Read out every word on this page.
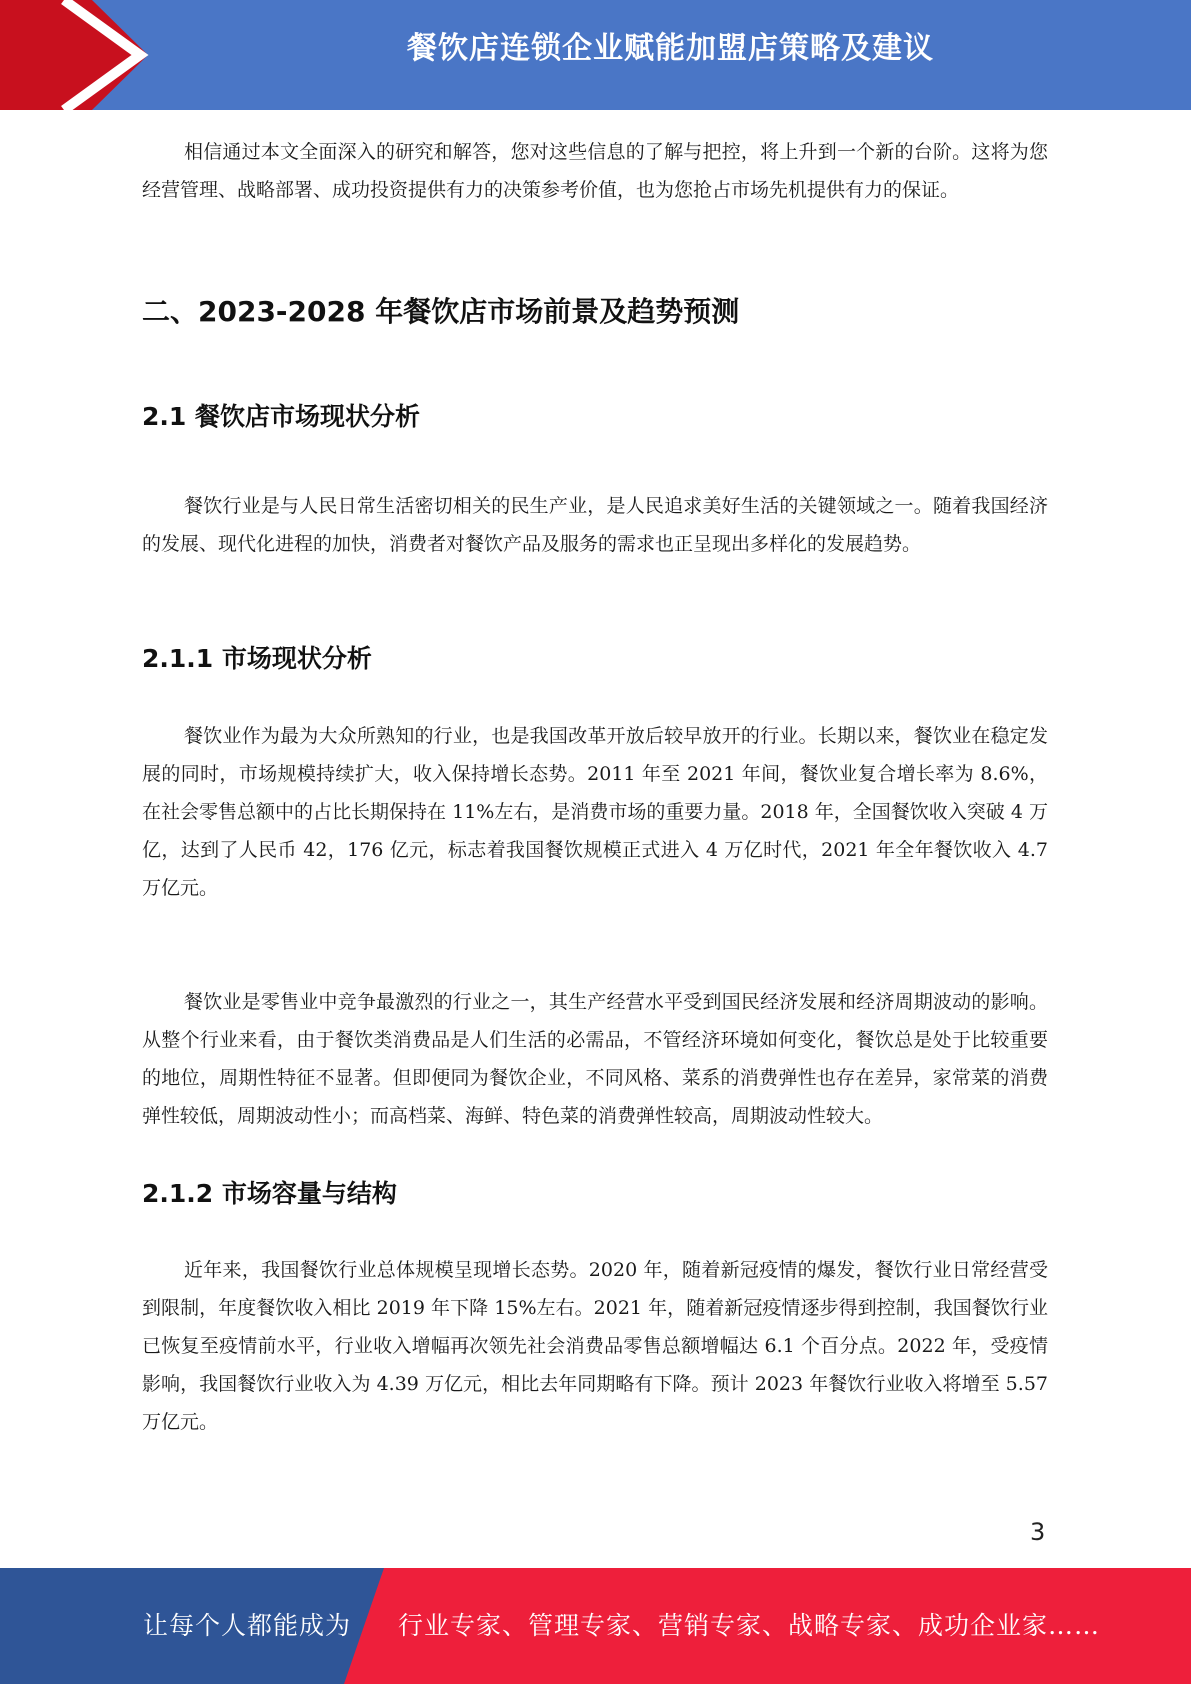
餐饮店连锁企业赋能加盟店策略及建议

相信通过本文全面深入的研究和解答，您对这些信息的了解与把控，将上升到一个新的台阶。这将为您经营管理、战略部署、成功投资提供有力的决策参考价值，也为您抢占市场先机提供有力的保证。

二、2023-2028 年餐饮店市场前景及趋势预测
2.1 餐饮店市场现状分析

餐饮行业是与人民日常生活密切相关的民生产业，是人民追求美好生活的关键领域之一。随着我国经济的发展、现代化进程的加快，消费者对餐饮产品及服务的需求也正呈现出多样化的发展趋势。

2.1.1 市场现状分析

餐饮业作为最为大众所熟知的行业，也是我国改革开放后较早放开的行业。长期以来，餐饮业在稳定发展的同时，市场规模持续扩大，收入保持增长态势。2011 年至 2021 年间，餐饮业复合增长率为 8.6%，在社会零售总额中的占比长期保持在 11%左右，是消费市场的重要力量。2018 年，全国餐饮收入突破 4 万亿，达到了人民币 42，176 亿元，标志着我国餐饮规模正式进入 4 万亿时代，2021 年全年餐饮收入 4.7 万亿元。

餐饮业是零售业中竞争最激烈的行业之一，其生产经营水平受到国民经济发展和经济周期波动的影响。从整个行业来看，由于餐饮类消费品是人们生活的必需品，不管经济环境如何变化，餐饮总是处于比较重要的地位，周期性特征不显著。但即便同为餐饮企业，不同风格、菜系的消费弹性也存在差异，家常菜的消费弹性较低，周期波动性小；而高档菜、海鲜、特色菜的消费弹性较高，周期波动性较大。

2.1.2 市场容量与结构

近年来，我国餐饮行业总体规模呈现增长态势。2020 年，随着新冠疫情的爆发，餐饮行业日常经营受到限制，年度餐饮收入相比 2019 年下降 15%左右。2021 年，随着新冠疫情逐步得到控制，我国餐饮行业已恢复至疫情前水平，行业收入增幅再次领先社会消费品零售总额增幅达 6.1 个百分点。2022 年，受疫情影响，我国餐饮行业收入为 4.39 万亿元，相比去年同期略有下降。预计 2023 年餐饮行业收入将增至 5.57 万亿元。

3
让每个人都能成为 行业专家、管理专家、营销专家、战略专家、成功企业家……
